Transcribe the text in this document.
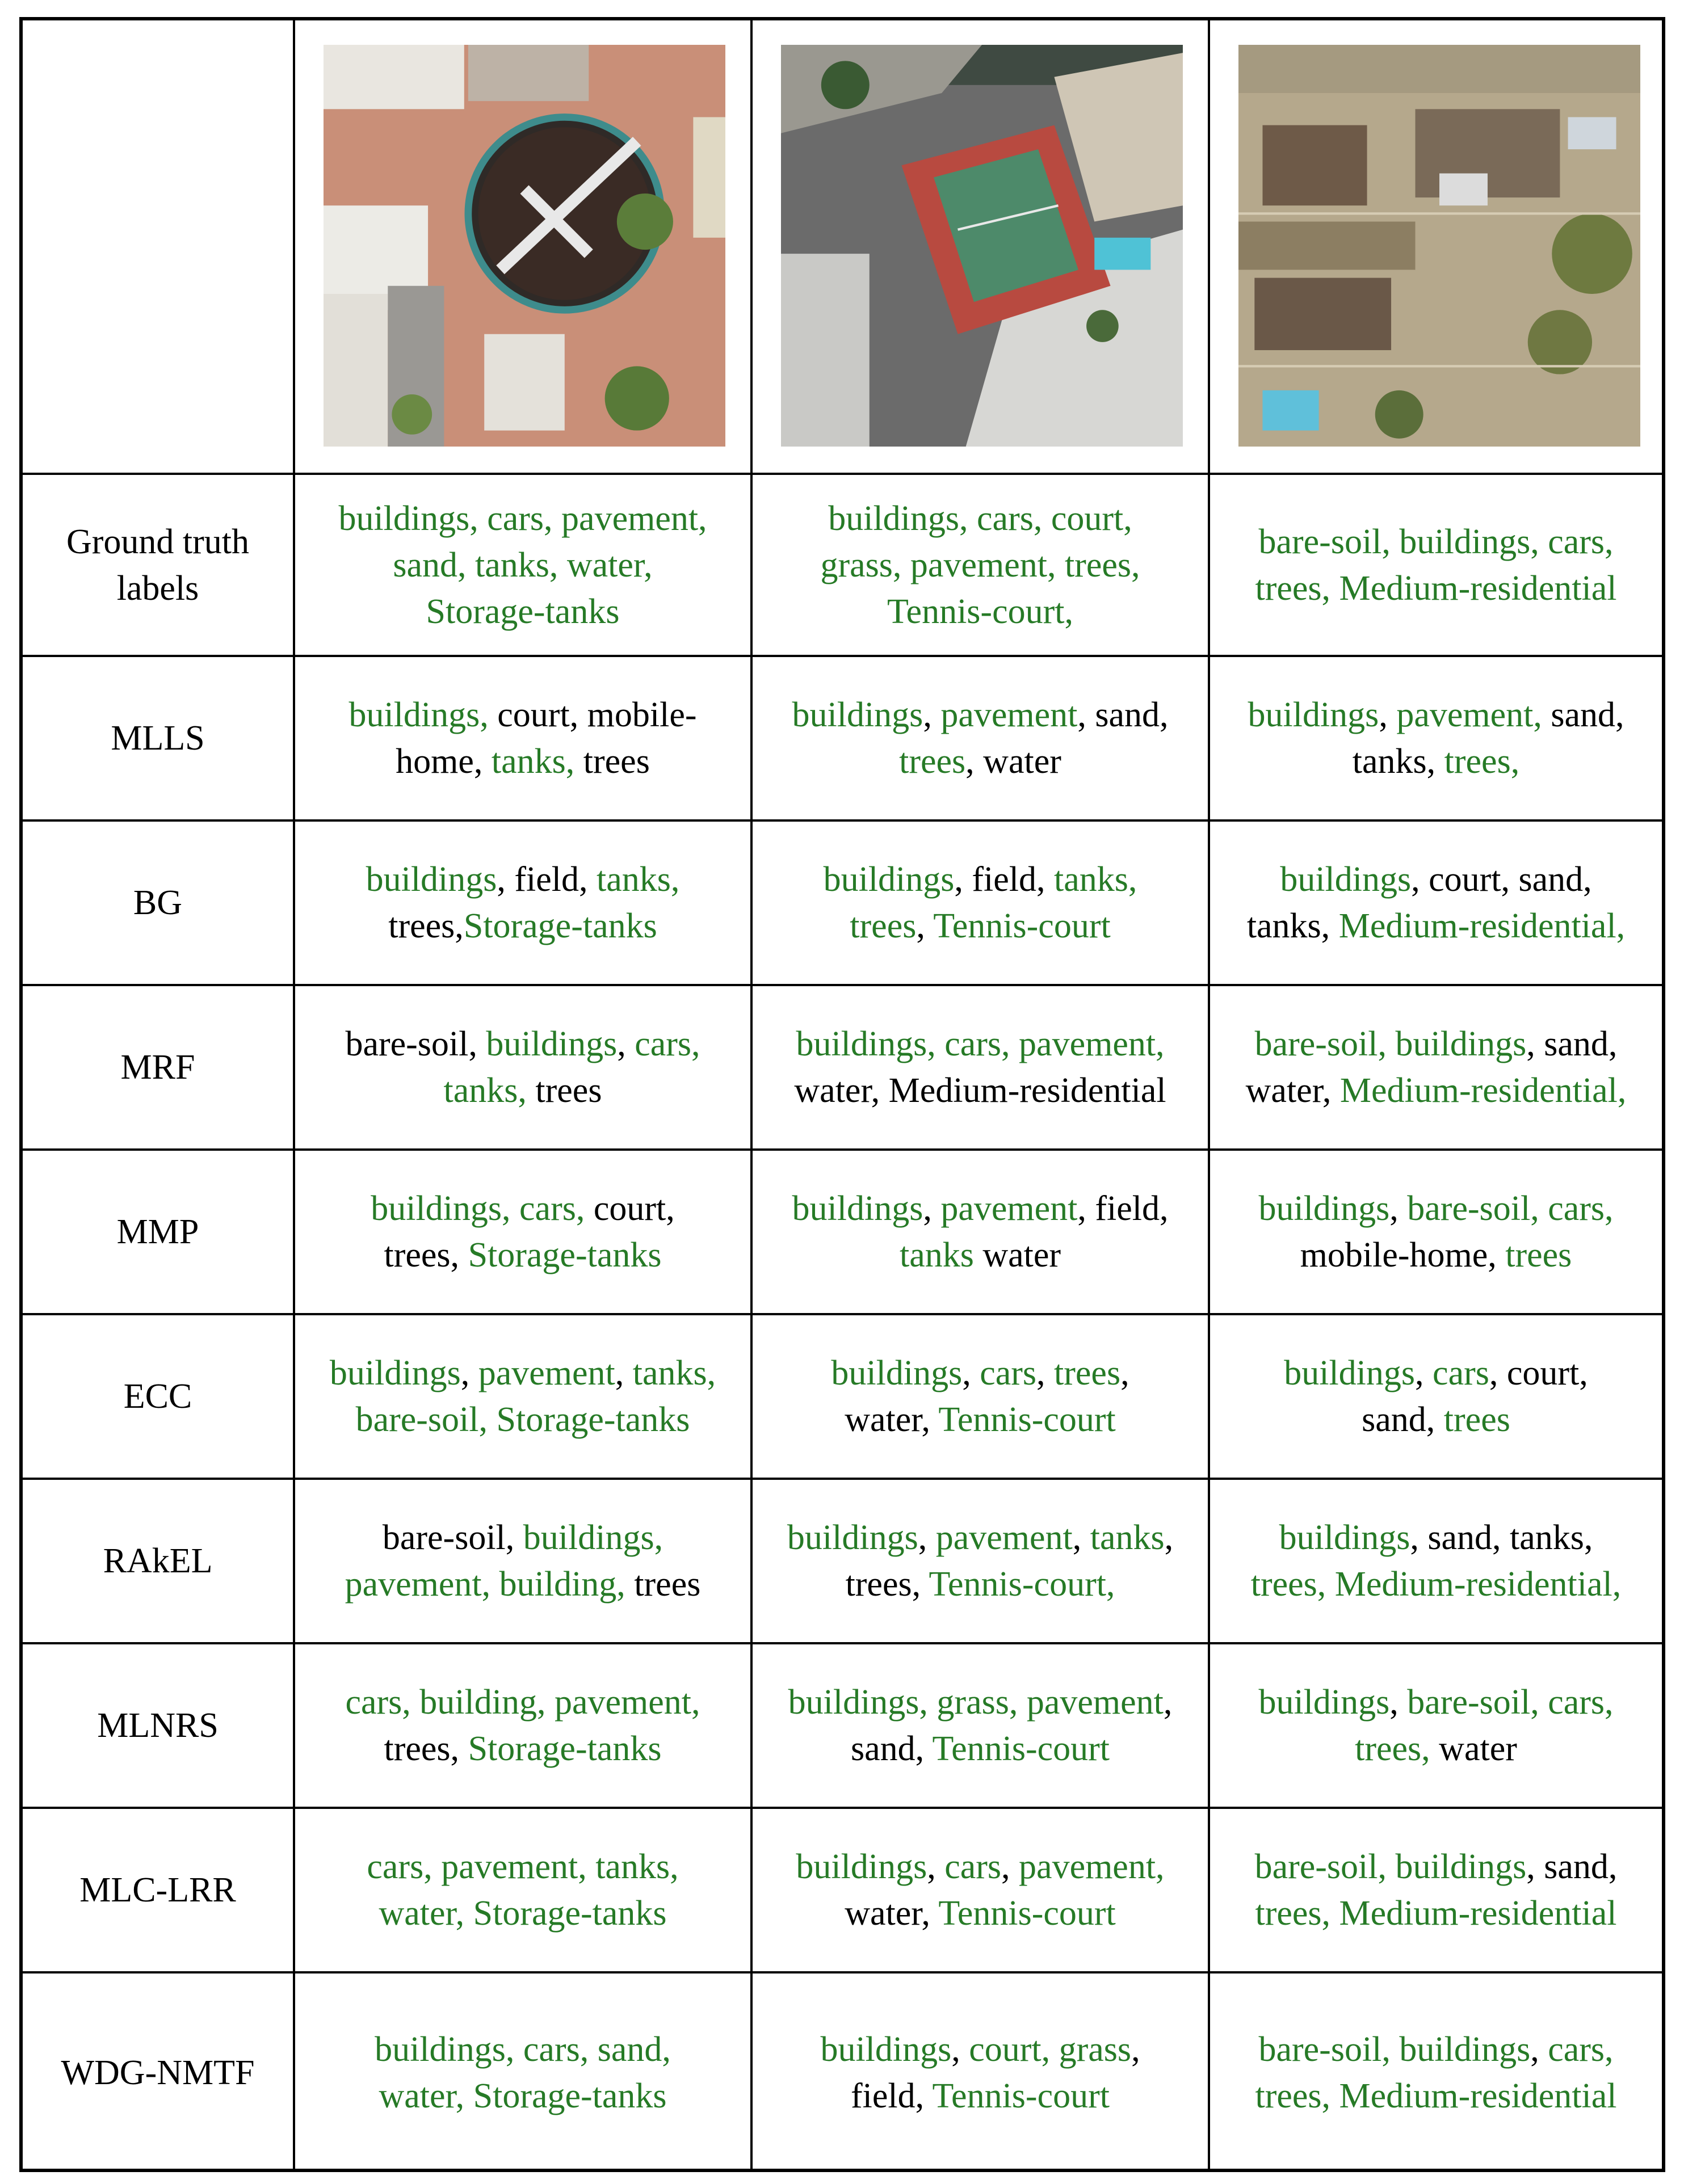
Ground truth labels
buildings, cars, pavement, sand, tanks, water, Storage-tanks
buildings, cars, court, grass, pavement, trees, Tennis-court,
bare-soil, buildings, cars, trees, Medium-residential
MLLS
buildings, court, mobile-home, tanks, trees
buildings, pavement, sand, trees, water
buildings, pavement, sand, tanks, trees,
BG
buildings, field, tanks, trees,Storage-tanks
buildings, field, tanks, trees, Tennis-court
buildings, court, sand, tanks, Medium-residential,
MRF
bare-soil, buildings, cars, tanks, trees
buildings, cars, pavement, water, Medium-residential
bare-soil, buildings, sand, water, Medium-residential,
MMP
buildings, cars, court, trees, Storage-tanks
buildings, pavement, field, tanks water
buildings, bare-soil, cars, mobile-home, trees
ECC
buildings, pavement, tanks, bare-soil, Storage-tanks
buildings, cars, trees, water, Tennis-court
buildings, cars, court, sand, trees
RAkEL
bare-soil, buildings, pavement, building, trees
buildings, pavement, tanks, trees, Tennis-court,
buildings, sand, tanks, trees, Medium-residential,
MLNRS
cars, building, pavement, trees, Storage-tanks
buildings, grass, pavement, sand, Tennis-court
buildings, bare-soil, cars, trees, water
MLC-LRR
cars, pavement, tanks, water, Storage-tanks
buildings, cars, pavement, water, Tennis-court
bare-soil, buildings, sand, trees, Medium-residential
WDG-NMTF
buildings, cars, sand, water, Storage-tanks
buildings, court, grass, field, Tennis-court
bare-soil, buildings, cars, trees, Medium-residential
